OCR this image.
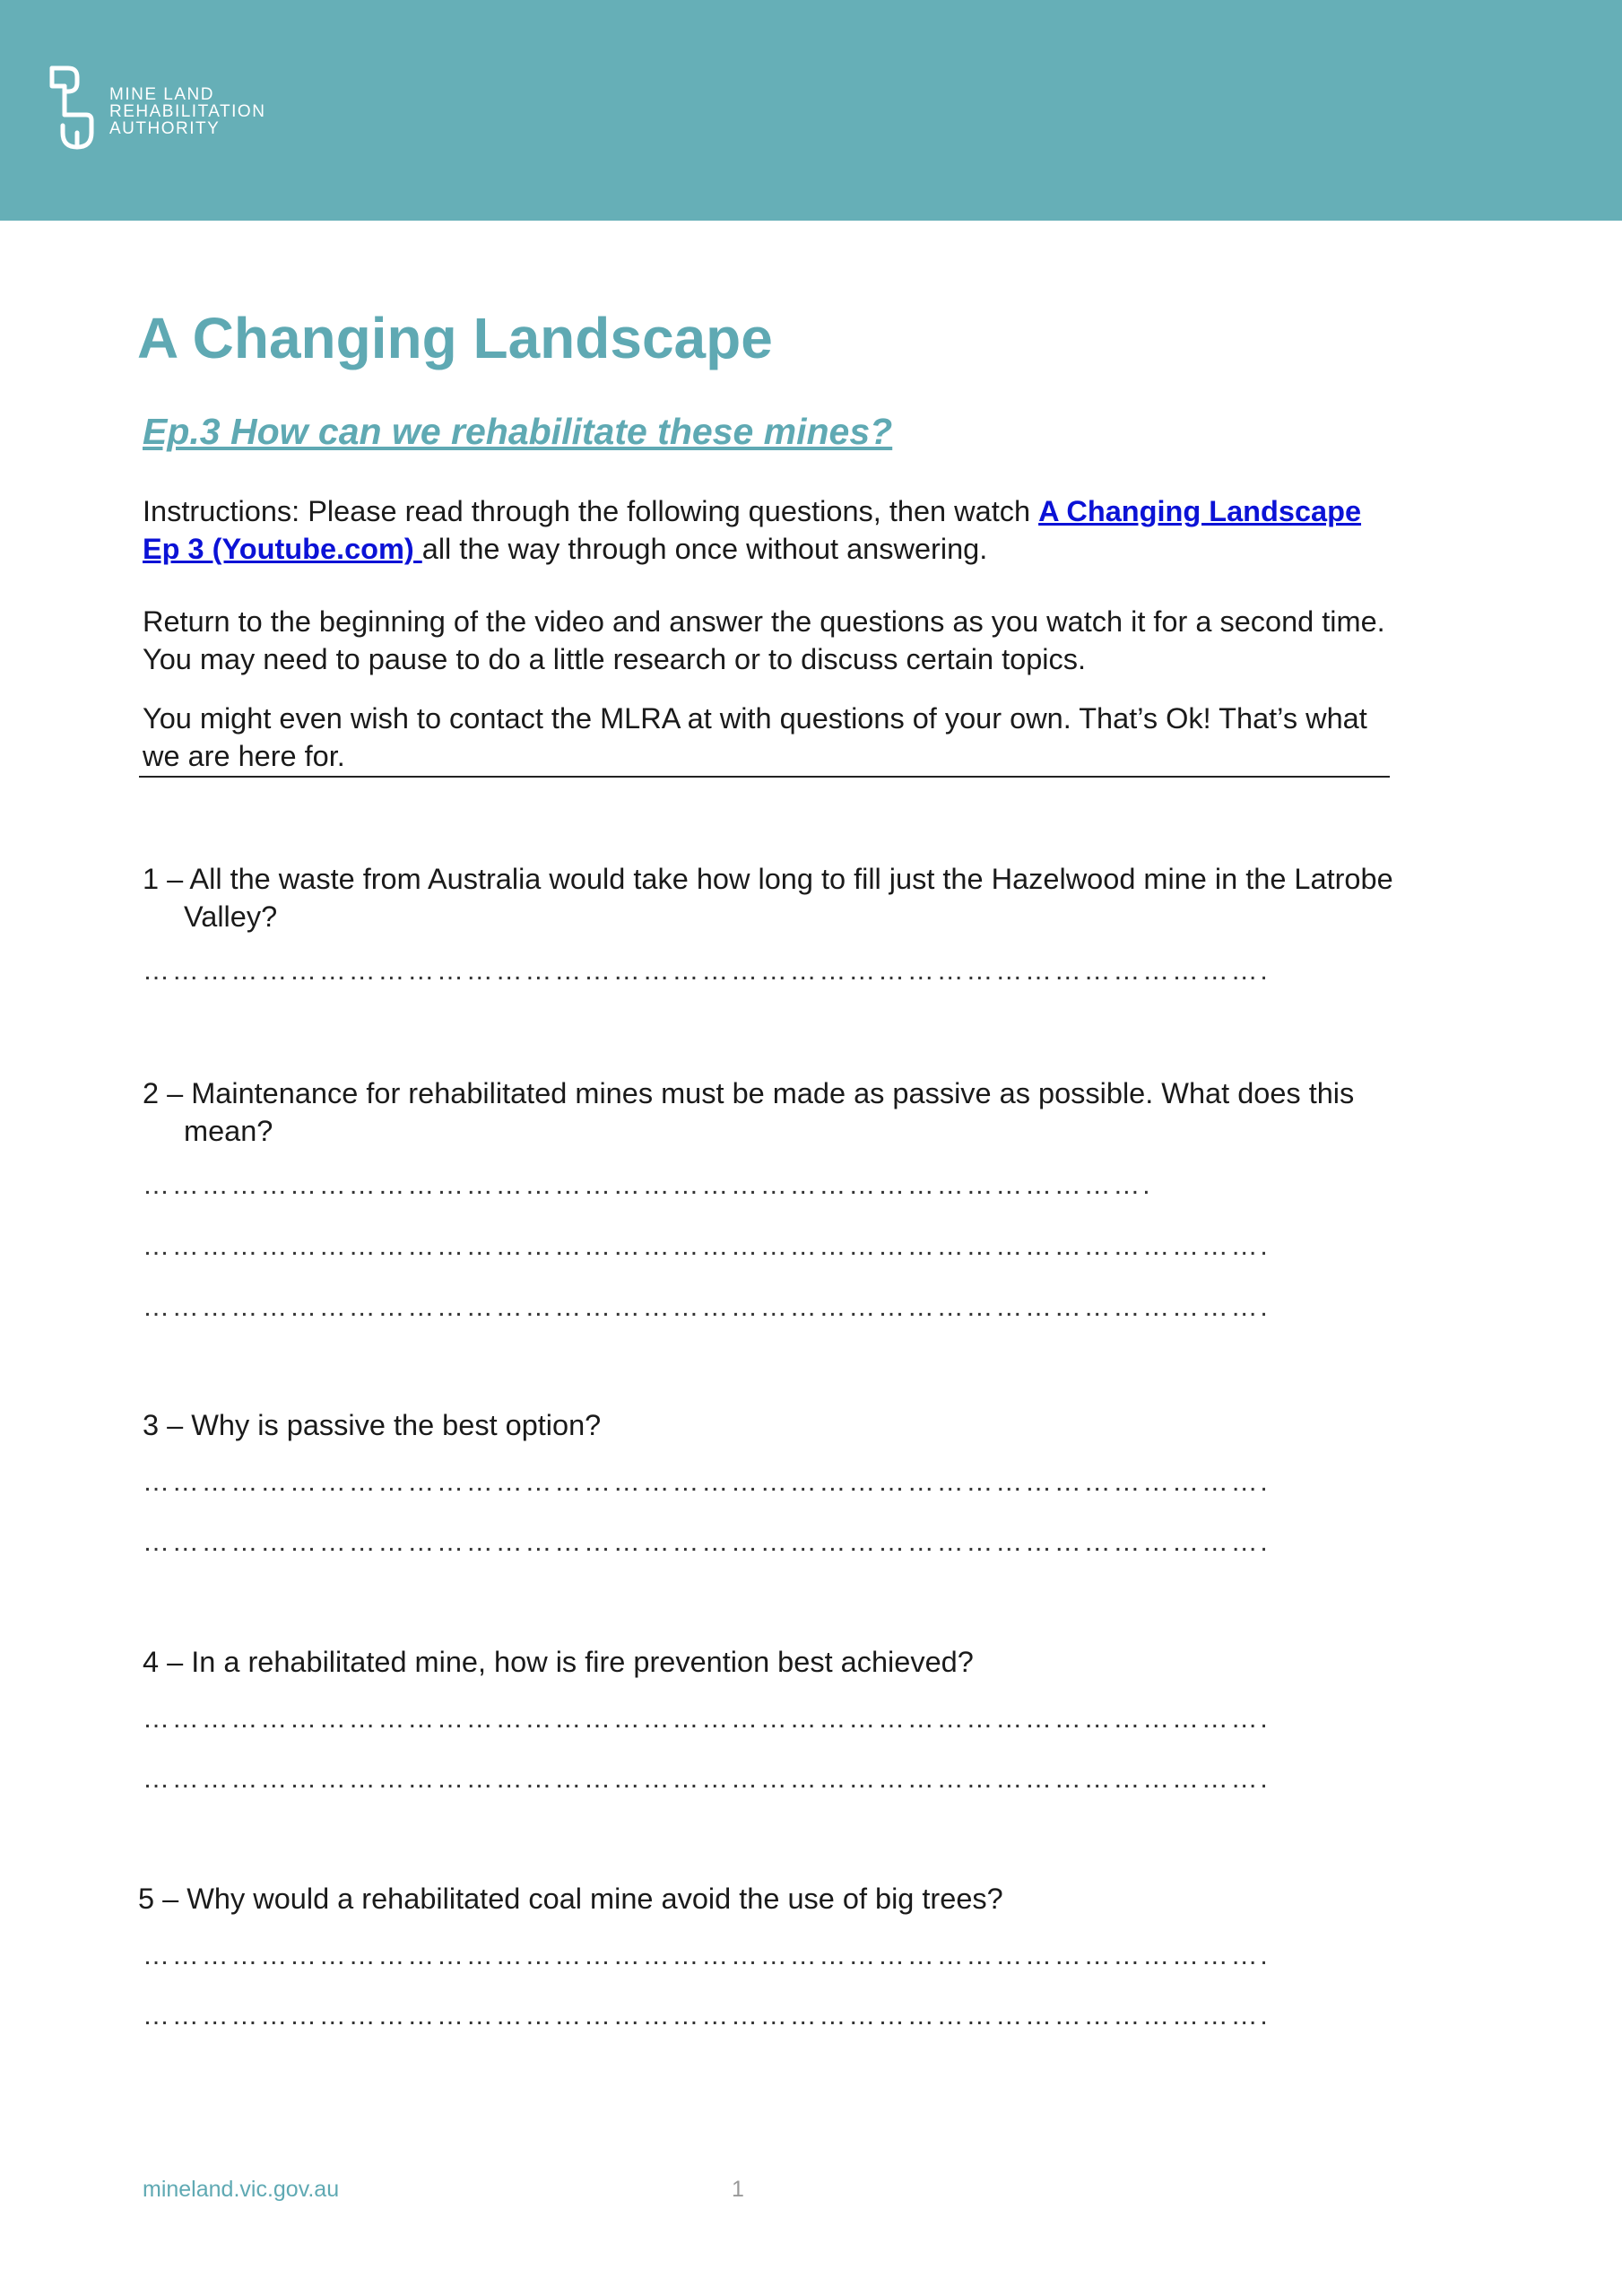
MINE LAND
REHABILITATION
AUTHORITY
A Changing Landscape
Ep.3 How can we rehabilitate these mines?
Instructions: Please read through the following questions, then watch A Changing Landscape Ep 3 (Youtube.com) all the way through once without answering.
Return to the beginning of the video and answer the questions as you watch it for a second time. You may need to pause to do a little research or to discuss certain topics.
You might even wish to contact the MLRA at with questions of your own. That’s Ok! That’s what we are here for.
1 – All the waste from Australia would take how long to fill just the Hazelwood mine in the Latrobe Valley?
…………………………………………………………………………………………………….
2 – Maintenance for rehabilitated mines must be made as passive as possible. What does this mean?
………………………………………………………………………………………….
…………………………………………………………………………………………………….
…………………………………………………………………………………………………….
3 – Why is passive the best option?
…………………………………………………………………………………………………….
…………………………………………………………………………………………………….
4 – In a rehabilitated mine, how is fire prevention best achieved?
…………………………………………………………………………………………………….
…………………………………………………………………………………………………….
5 – Why would a rehabilitated coal mine avoid the use of big trees?
…………………………………………………………………………………………………….
…………………………………………………………………………………………………….
mineland.vic.gov.au	1
